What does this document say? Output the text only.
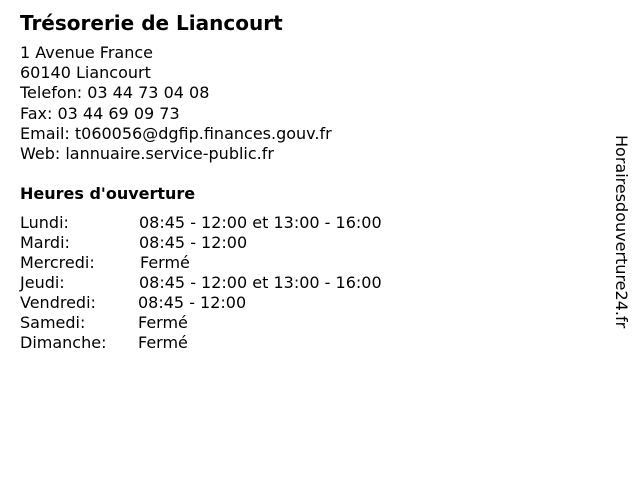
Trésorerie de Liancourt
1 Avenue France
60140 Liancourt
Telefon: 03 44 73 04 08
Fax: 03 44 69 09 73
Email: t060056@dgfip.finances.gouv.fr
Web: lannuaire.service-public.fr
Heures d'ouverture
Lundi:	08:45 - 12:00 et 13:00 - 16:00
Mardi:	08:45 - 12:00
Mercredi:	Fermé
Jeudi:	08:45 - 12:00 et 13:00 - 16:00
Vendredi:	08:45 - 12:00
Samedi:	Fermé
Dimanche: Fermé
Horairesdouverture24.fr
